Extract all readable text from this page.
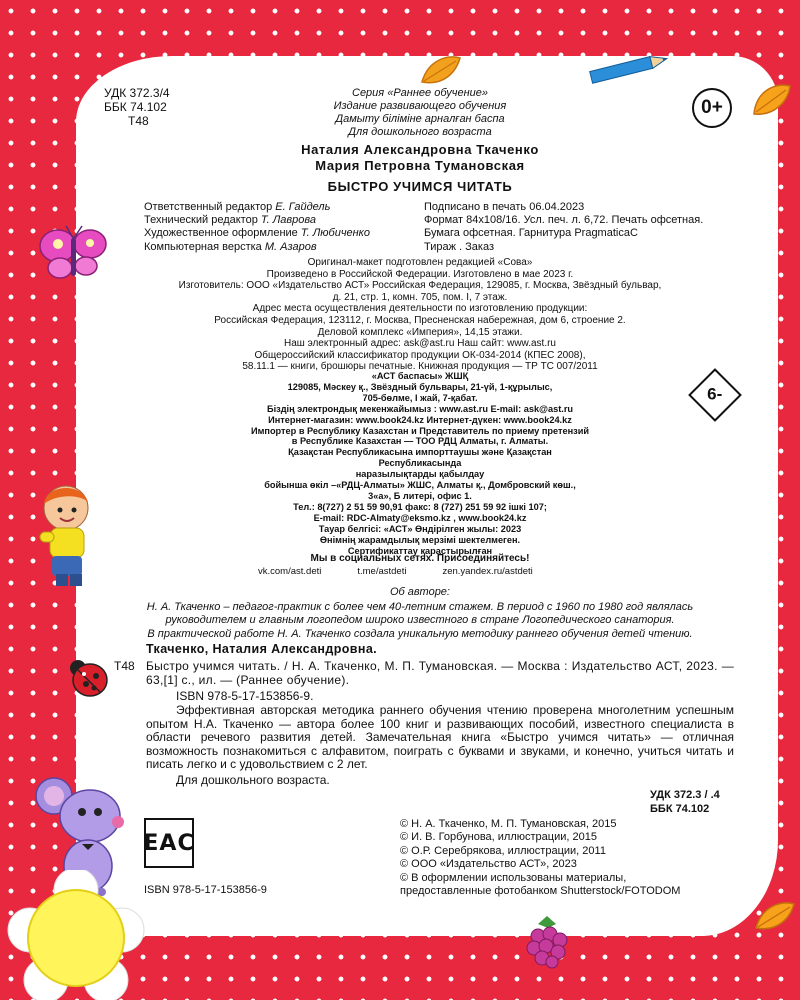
УДК 372.3/4
ББК 74.102
Т48
Серия «Раннее обучение»
Издание развивающего обучения
Дамыту біліміне арналған баспа
Для дошкольного возраста
0+
Наталия Александровна Ткаченко
Мария Петровна Тумановская
БЫСТРО УЧИМСЯ ЧИТАТЬ
Ответственный редактор Е. Гайдель	Подписано в печать 06.04.2023
Технический редактор Т. Лаврова	Формат 84х108/16. Усл. печ. л. 6,72. Печать офсетная.
Художественное оформление Т. Любиченко	Бумага офсетная. Гарнитура PragmaticaC
Компьютерная верстка М. Азаров	Тираж . Заказ
Оригинал-макет подготовлен редакцией «Сова»
Произведено в Российской Федерации. Изготовлено в мае 2023 г.
Изготовитель: ООО «Издательство АСТ» Российская Федерация, 129085, г. Москва, Звёздный бульвар,
д. 21, стр. 1, комн. 705, пом. I, 7 этаж.
Адрес места осуществления деятельности по изготовлению продукции:
Российская Федерация, 123112, г. Москва, Пресненская набережная, дом 6, строение 2.
Деловой комплекс «Империя», 14,15 этажи.
Наш электронный адрес: ask@ast.ru Наш сайт: www.ast.ru
Общероссийский классификатор продукции ОК-034-2014 (КПЕС 2008),
58.11.1 — книги, брошюры печатные. Книжная продукция — ТР ТС 007/2011
«АСТ баспасы» ЖШҚ
129085, Мәскеу қ., Звёздный бульвары, 21-үй, 1-құрылыс,
705-бөлме, I жай, 7-қабат.
Біздің электрондық мекенжайымыз : www.ast.ru E-mail: ask@ast.ru
Интернет-магазин: www.book24.kz Интернет-дүкен: www.book24.kz
Импортер в Республику Казахстан и Представитель по приему претензий
в Республике Казахстан — ТОО РДЦ Алматы, г. Алматы.
Қазақстан Республикасына импорттаушы және Қазақстан Республикасында
наразылықтарды қабылдау
бойынша өкіл –«РДЦ-Алматы» ЖШС, Алматы қ., Домбровский көш.,
3«а», Б литері, офис 1.
Тел.: 8(727) 2 51 59 90,91 факс: 8 (727) 251 59 92 ішкі 107;
E-mail: RDC-Almaty@eksmo.kz , www.book24.kz
Тауар белгісі: «АСТ» Өндірілген жылы: 2023
Өнімнің жарамдылық мерзімі шектелмеген.
Сертификаттау қарастырылған
6-
Мы в социальных сетях. Присоединяйтесь!
vk.com/ast.deti	t.me/astdeti	zen.yandex.ru/astdeti
Об авторе:
Н. А. Ткаченко – педагог-практик с более чем 40-летним стажем. В период с 1960 по 1980 год являлась
руководителем и главным логопедом широко известного в стране Логопедического санатория.
В практической работе Н. А. Ткаченко создала уникальную методику раннего обучения детей чтению.
Ткаченко, Наталия Александровна.
Т48 Быстро учимся читать. / Н. А. Ткаченко, М. П. Тумановская. — Москва : Издательство АСТ, 2023. — 63,[1] с., ил. — (Раннее обучение).
ISBN 978-5-17-153856-9.
Эффективная авторская методика раннего обучения чтению проверена многолетним успешным опытом Н.А. Ткаченко — автора более 100 книг и развивающих пособий, известного специалиста в области речевого развития детей. Замечательная книга «Быстро учимся читать» — отличная возможность познакомиться с алфавитом, поиграть с буквами и звуками, и конечно, учиться читать и писать легко и с удовольствием с 2 лет.
Для дошкольного возраста.
УДК 372.3 / .4
ББК 74.102
© Н. А. Ткаченко, М. П. Тумановская, 2015
© И. В. Горбунова, иллюстрации, 2015
© О.Р. Серебрякова, иллюстрации, 2011
© ООО «Издательство АСТ», 2023
© В оформлении использованы материалы,
предоставленные фотобанком Shutterstock/FOTODOM
ЕАС
ISBN 978-5-17-153856-9
